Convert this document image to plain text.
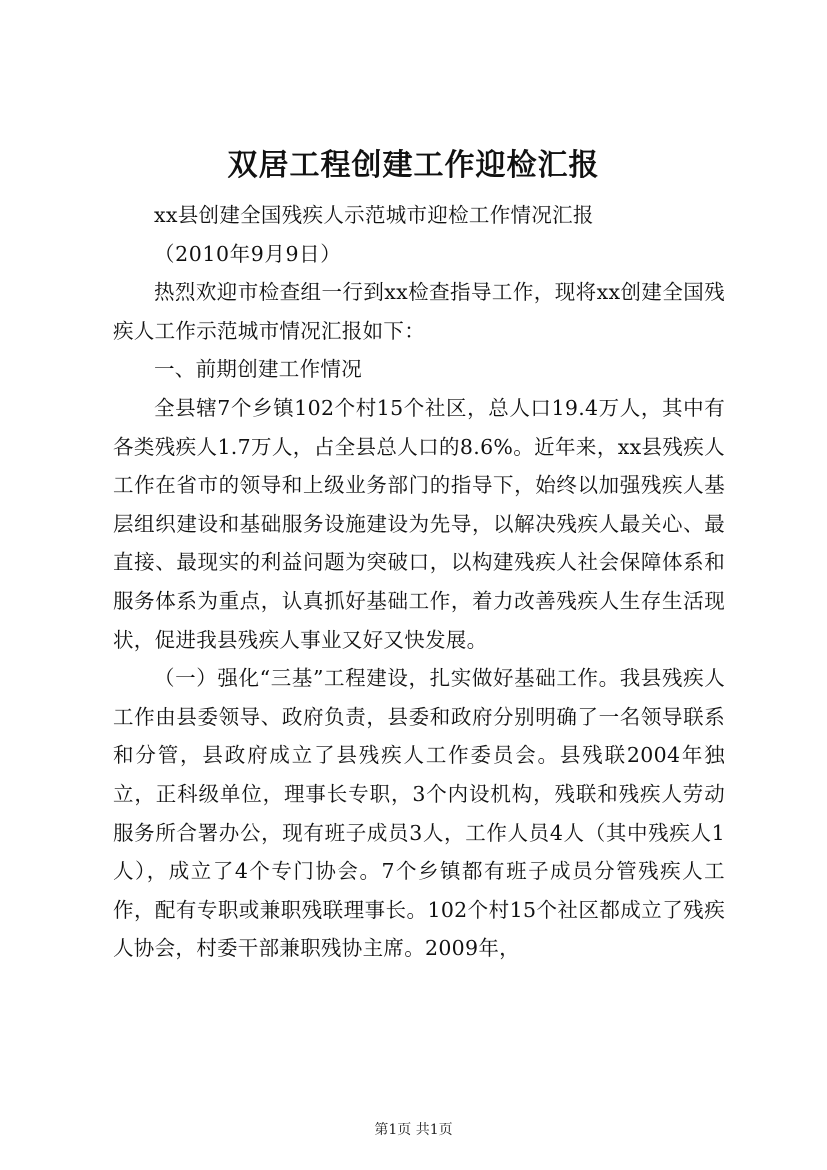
双居工程创建工作迎检汇报

xx县创建全国残疾人示范城市迎检工作情况汇报

（2010年9月9日）

热烈欢迎市检查组一行到xx检查指导工作，现将xx创建全国残疾人工作示范城市情况汇报如下：

一、前期创建工作情况

全县辖7个乡镇102个村15个社区，总人口19.4万人，其中有各类残疾人1.7万人，占全县总人口的8.6%。近年来，xx县残疾人工作在省市的领导和上级业务部门的指导下，始终以加强残疾人基层组织建设和基础服务设施建设为先导，以解决残疾人最关心、最直接、最现实的利益问题为突破口，以构建残疾人社会保障体系和服务体系为重点，认真抓好基础工作，着力改善残疾人生存生活现状，促进我县残疾人事业又好又快发展。

（一）强化“三基”工程建设，扎实做好基础工作。我县残疾人工作由县委领导、政府负责，县委和政府分别明确了一名领导联系和分管，县政府成立了县残疾人工作委员会。县残联2004年独立，正科级单位，理事长专职，3个内设机构，残联和残疾人劳动服务所合署办公，现有班子成员3人，工作人员4人（其中残疾人1人），成立了4个专门协会。7个乡镇都有班子成员分管残疾人工作，配有专职或兼职残联理事长。102个村15个社区都成立了残疾人协会，村委干部兼职残协主席。2009年，

第1页 共1页
